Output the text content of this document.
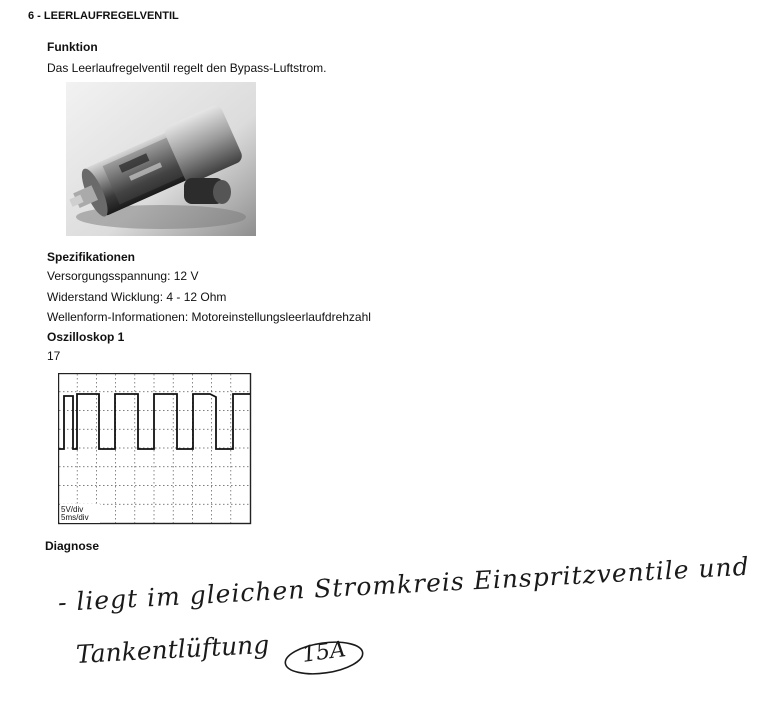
6 - LEERLAUFREGELVENTIL
Funktion
Das Leerlaufregelventil regelt den Bypass-Luftstrom.
Spezifikationen
Versorgungsspannung: 12 V
Widerstand Wicklung: 4 - 12 Ohm
Wellenform-Informationen: Motoreinstellungsleerlaufdrehzahl
Oszilloskop 1
17
5V/div
5ms/div
Diagnose
- liegt im gleichen Stromkreis Einspritzventile und
Tankentlüftung 15A
